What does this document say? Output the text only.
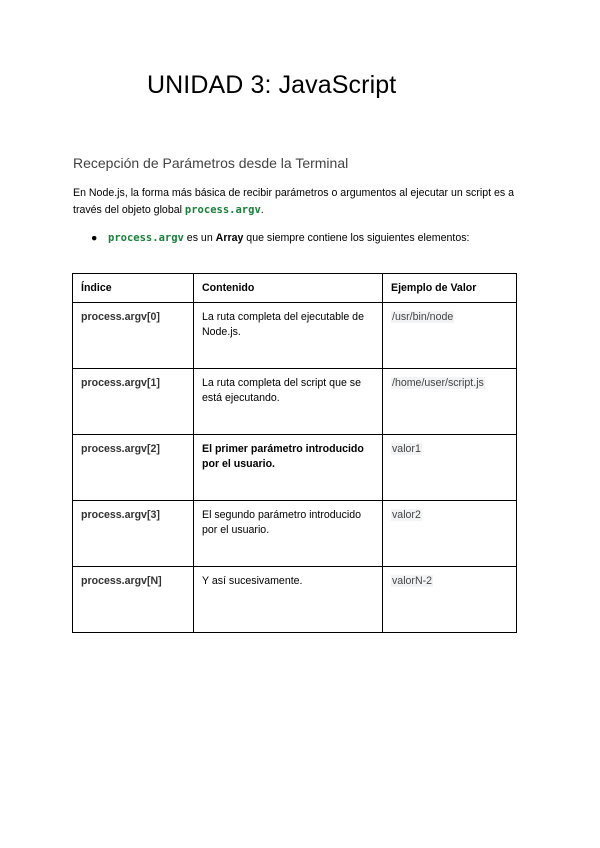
UNIDAD 3: JavaScript
Recepción de Parámetros desde la Terminal

En Node.js, la forma más básica de recibir parámetros o argumentos al ejecutar un script es a través del objeto global process.argv.

● process.argv es un Array que siempre contiene los siguientes elementos:

Índice	Contenido	Ejemplo de Valor
process.argv[0]	La ruta completa del ejecutable de Node.js.	/usr/bin/node
process.argv[1]	La ruta completa del script que se está ejecutando.	/home/user/script.js
process.argv[2]	El primer parámetro introducido por el usuario.	valor1
process.argv[3]	El segundo parámetro introducido por el usuario.	valor2
process.argv[N]	Y así sucesivamente.	valorN-2
